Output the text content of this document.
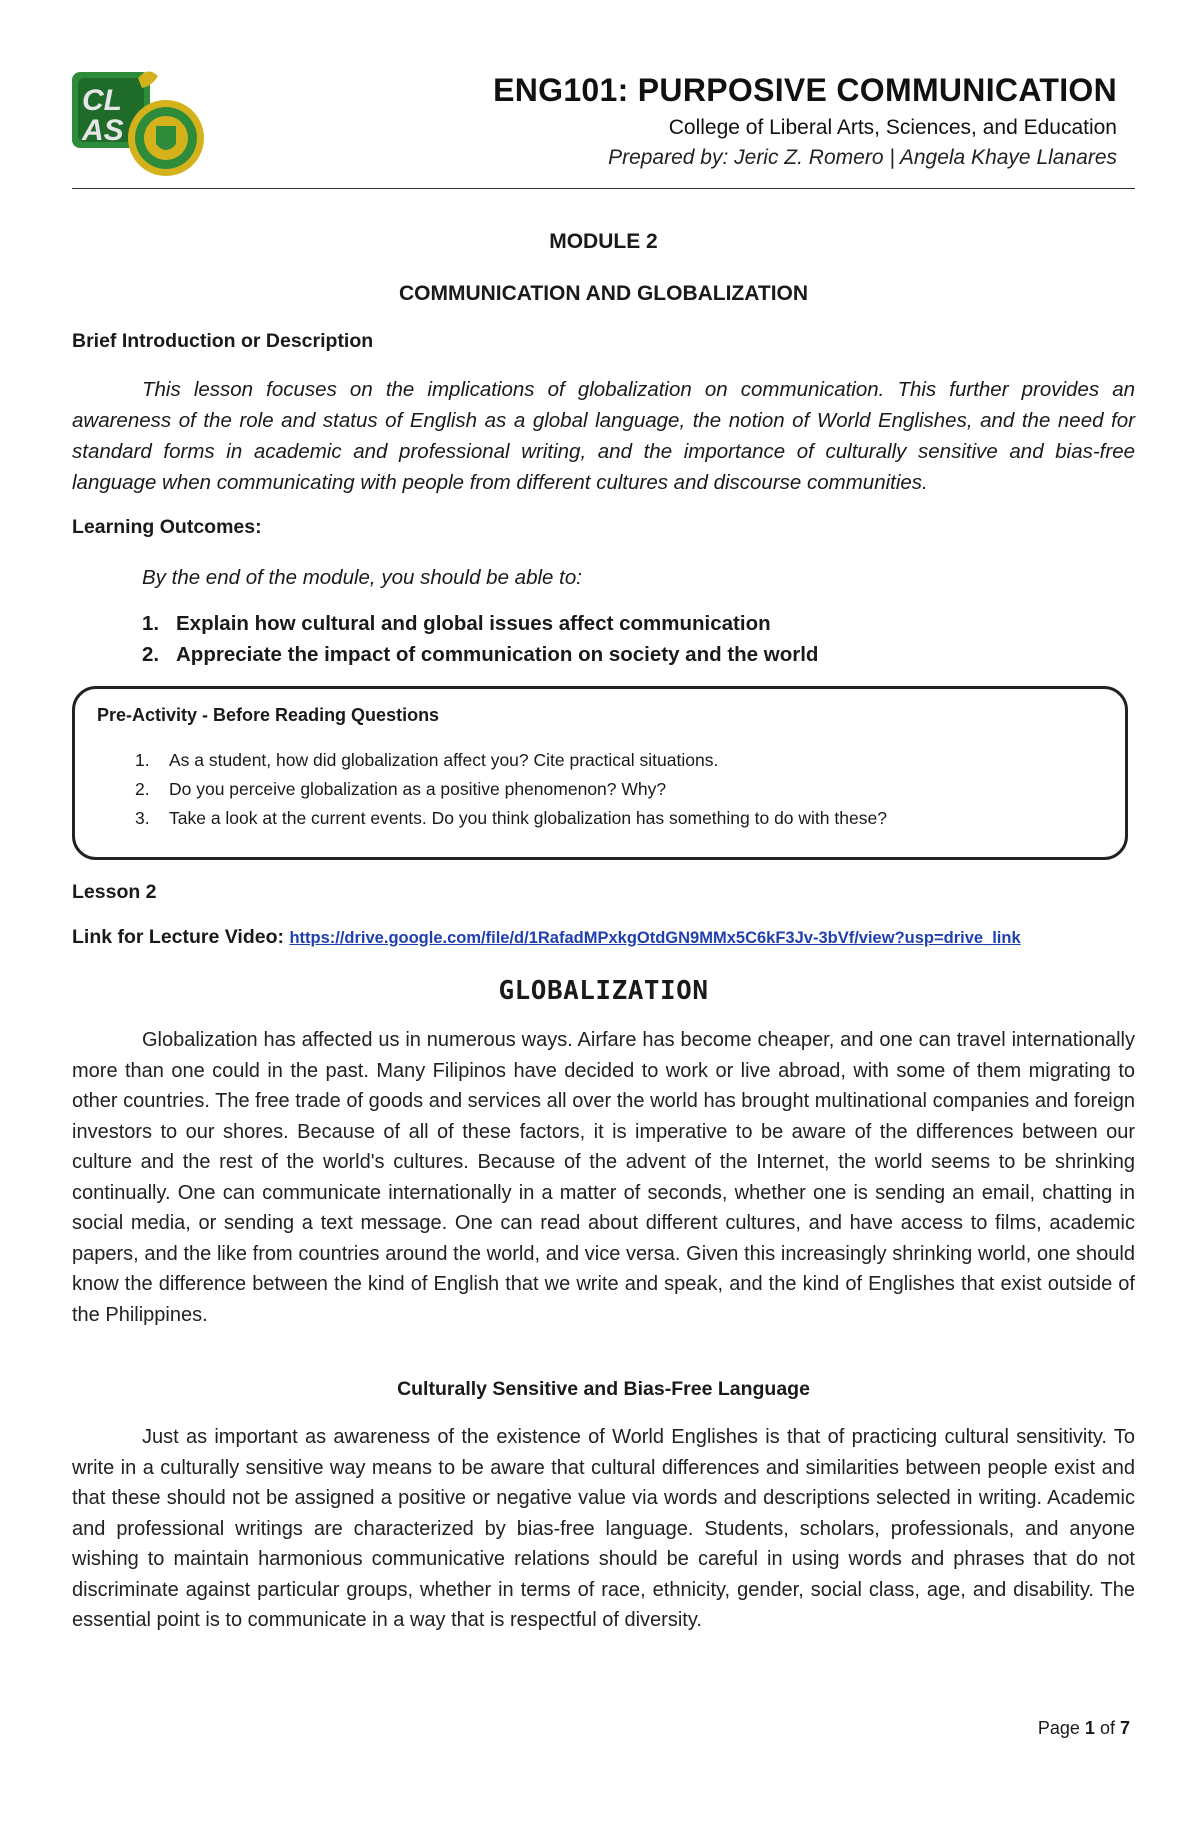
CL
AS
ENG101: PURPOSIVE COMMUNICATION
College of Liberal Arts, Sciences, and Education
Prepared by: Jeric Z. Romero | Angela Khaye Llanares
MODULE 2
COMMUNICATION AND GLOBALIZATION
Brief Introduction or Description

This lesson focuses on the implications of globalization on communication. This further provides an awareness of the role and status of English as a global language, the notion of World Englishes, and the need for standard forms in academic and professional writing, and the importance of culturally sensitive and bias-free language when communicating with people from different cultures and discourse communities.

Learning Outcomes:
By the end of the module, you should be able to:
1. Explain how cultural and global issues affect communication
2. Appreciate the impact of communication on society and the world
Pre-Activity - Before Reading Questions
1. As a student, how did globalization affect you? Cite practical situations.
2. Do you perceive globalization as a positive phenomenon? Why?
3. Take a look at the current events. Do you think globalization has something to do with these?
Lesson 2
Link for Lecture Video: https://drive.google.com/file/d/1RafadMPxkgOtdGN9MMx5C6kF3Jv-3bVf/view?usp=drive_link
GLOBALIZATION

Globalization has affected us in numerous ways. Airfare has become cheaper, and one can travel internationally more than one could in the past. Many Filipinos have decided to work or live abroad, with some of them migrating to other countries. The free trade of goods and services all over the world has brought multinational companies and foreign investors to our shores. Because of all of these factors, it is imperative to be aware of the differences between our culture and the rest of the world's cultures. Because of the advent of the Internet, the world seems to be shrinking continually. One can communicate internationally in a matter of seconds, whether one is sending an email, chatting in social media, or sending a text message. One can read about different cultures, and have access to films, academic papers, and the like from countries around the world, and vice versa. Given this increasingly shrinking world, one should know the difference between the kind of English that we write and speak, and the kind of Englishes that exist outside of the Philippines.

Culturally Sensitive and Bias-Free Language

Just as important as awareness of the existence of World Englishes is that of practicing cultural sensitivity. To write in a culturally sensitive way means to be aware that cultural differences and similarities between people exist and that these should not be assigned a positive or negative value via words and descriptions selected in writing. Academic and professional writings are characterized by bias-free language. Students, scholars, professionals, and anyone wishing to maintain harmonious communicative relations should be careful in using words and phrases that do not discriminate against particular groups, whether in terms of race, ethnicity, gender, social class, age, and disability. The essential point is to communicate in a way that is respectful of diversity.

Page 1 of 7
